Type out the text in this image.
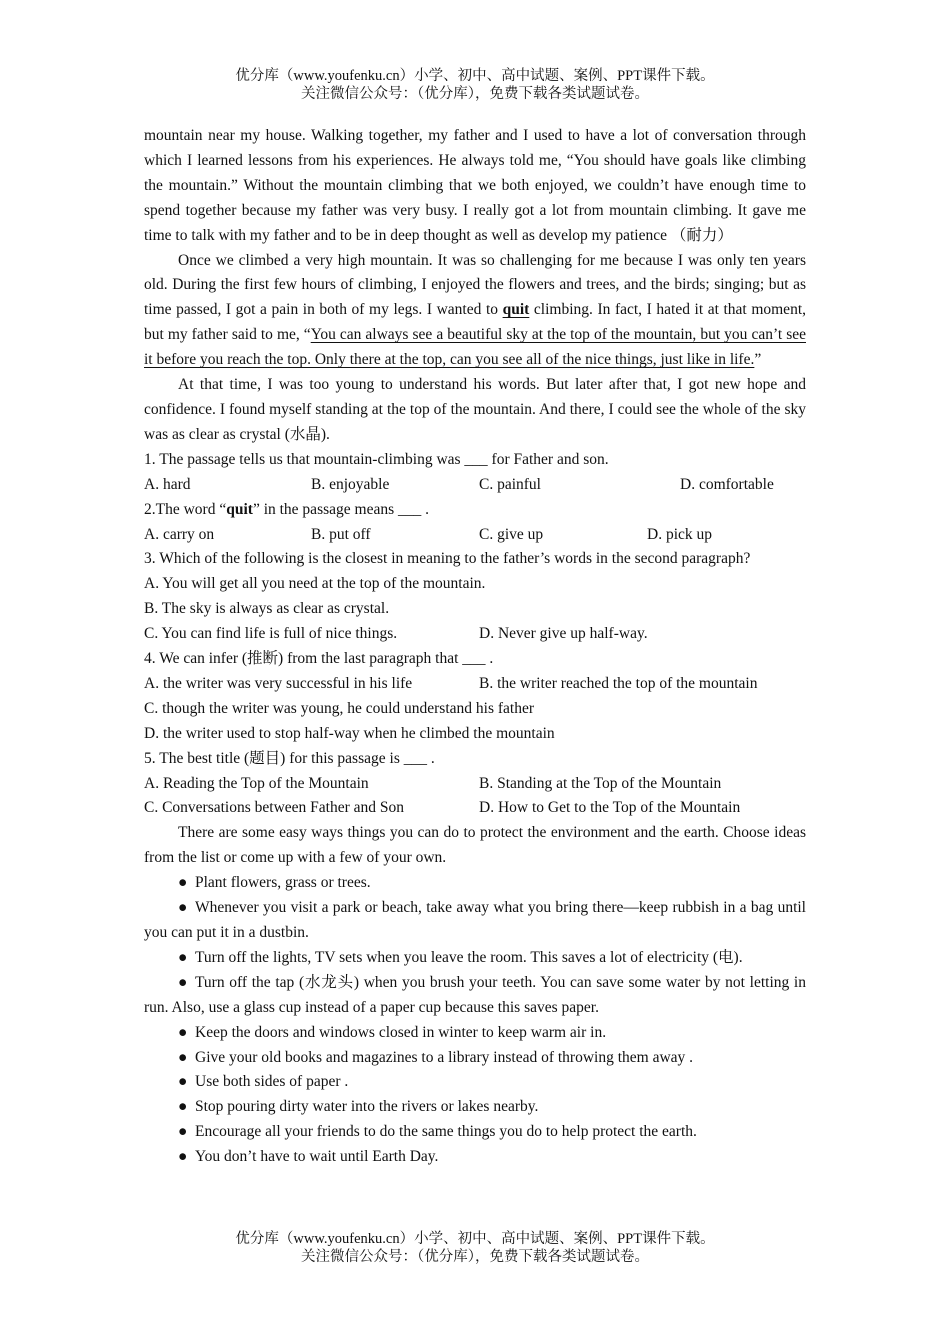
优分库（www.youfenku.cn）小学、初中、高中试题、案例、PPT课件下载。
关注微信公众号：（优分库），免费下载各类试题试卷。

mountain near my house. Walking together, my father and I used to have a lot of conversation through which I learned lessons from his experiences. He always told me, “You should have goals like climbing the mountain.” Without the mountain climbing that we both enjoyed, we couldn’t have enough time to spend together because my father was very busy. I really got a lot from mountain climbing. It gave me time to talk with my father and to be in deep thought as well as develop my patience （耐力）

Once we climbed a very high mountain. It was so challenging for me because I was only ten years old. During the first few hours of climbing, I enjoyed the flowers and trees, and the birds; singing; but as time passed, I got a pain in both of my legs. I wanted to quit climbing. In fact, I hated it at that moment, but my father said to me, “You can always see a beautiful sky at the top of the mountain, but you can’t see it before you reach the top. Only there at the top, can you see all of the nice things, just like in life.”

At that time, I was too young to understand his words. But later after that, I got new hope and confidence. I found myself standing at the top of the mountain. And there, I could see the whole of the sky was as clear as crystal (水晶).

1. The passage tells us that mountain-climbing was ___ for Father and son.

A. hard	B. enjoyable	C. painful	D. comfortable

2.The word “quit” in the passage means ___ .

A. carry on	B. put off	C. give up	D. pick up

3. Which of the following is the closest in meaning to the father’s words in the second paragraph?

A. You will get all you need at the top of the mountain.

B. The sky is always as clear as crystal.

C. You can find life is full of nice things.	D. Never give up half-way.

4. We can infer (推断) from the last paragraph that ___ .

A. the writer was very successful in his life	B. the writer reached the top of the mountain

C. though the writer was young, he could understand his father

D. the writer used to stop half-way when he climbed the mountain

5. The best title (题目) for this passage is ___ .

A. Reading the Top of the Mountain	B. Standing at the Top of the Mountain

C. Conversations between Father and Son	D. How to Get to the Top of the Mountain

There are some easy ways things you can do to protect the environment and the earth. Choose ideas from the list or come up with a few of your own.

● Plant flowers, grass or trees.

● Whenever you visit a park or beach, take away what you bring there—keep rubbish in a bag until you can put it in a dustbin.

● Turn off the lights, TV sets when you leave the room. This saves a lot of electricity (电).

● Turn off the tap (水龙头) when you brush your teeth. You can save some water by not letting in run. Also, use a glass cup instead of a paper cup because this saves paper.

● Keep the doors and windows closed in winter to keep warm air in.

● Give your old books and magazines to a library instead of throwing them away .

● Use both sides of paper .

● Stop pouring dirty water into the rivers or lakes nearby.

● Encourage all your friends to do the same things you do to help protect the earth.

● You don’t have to wait until Earth Day.

优分库（www.youfenku.cn）小学、初中、高中试题、案例、PPT课件下载。
关注微信公众号：（优分库），免费下载各类试题试卷。
